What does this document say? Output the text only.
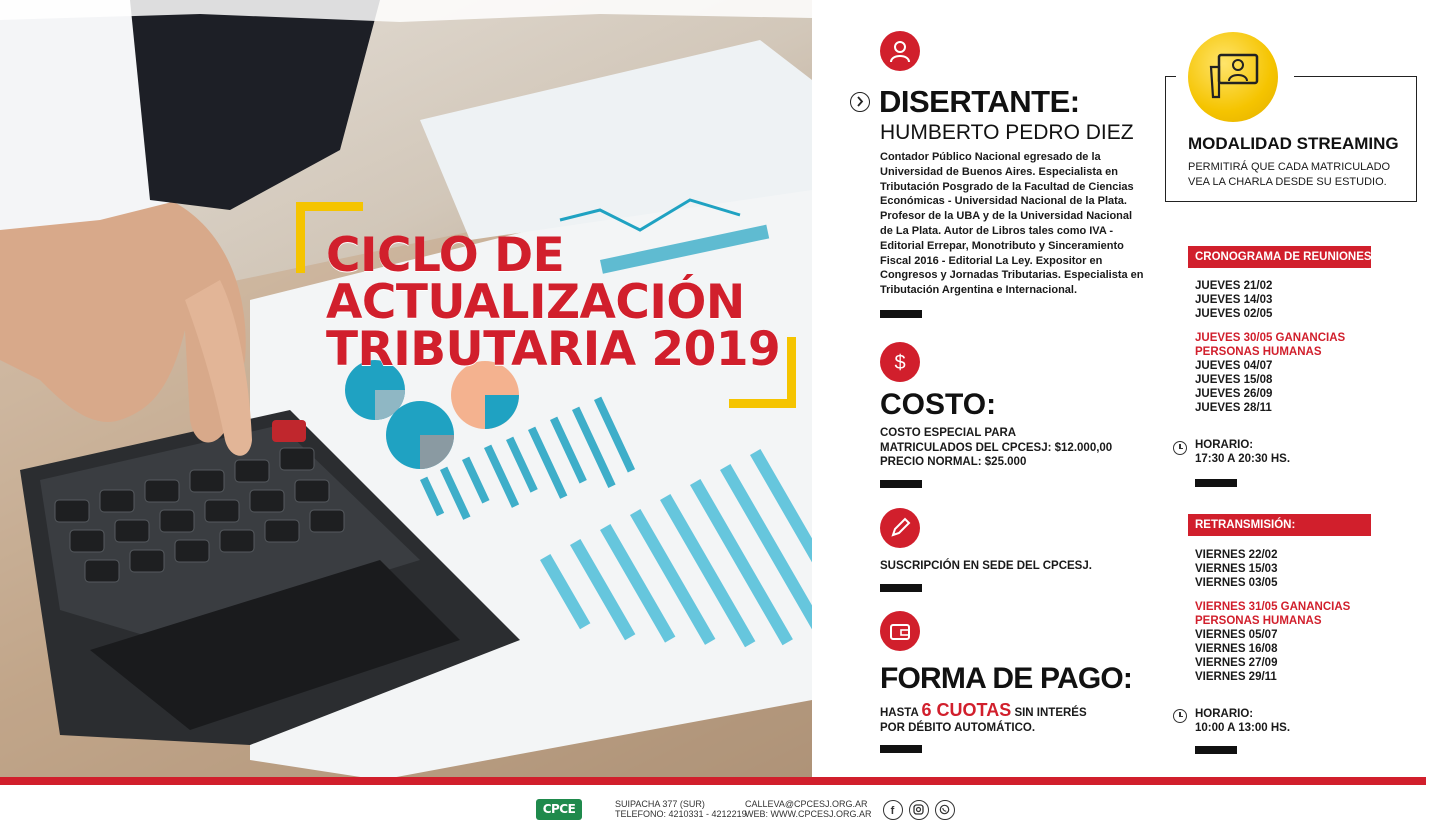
CICLO DE
ACTUALIZACIÓN
TRIBUTARIA 2019
DISERTANTE:
HUMBERTO PEDRO DIEZ
Contador Público Nacional egresado de la
Universidad de Buenos Aires. Especialista en
Tributación Posgrado de la Facultad de Ciencias
Económicas - Universidad Nacional de la Plata.
Profesor de la UBA y de la Universidad Nacional
de La Plata. Autor de Libros tales como IVA -
Editorial Errepar, Monotributo y Sinceramiento
Fiscal 2016 - Editorial La Ley. Expositor en
Congresos y Jornadas Tributarias. Especialista en
Tributación Argentina e Internacional.
$
COSTO:
COSTO ESPECIAL PARA
MATRICULADOS DEL CPCESJ: $12.000,00
PRECIO NORMAL: $25.000
SUSCRIPCIÓN EN SEDE DEL CPCESJ.
FORMA DE PAGO:
HASTA 6 CUOTAS SIN INTERÉS
POR DÉBITO AUTOMÁTICO.
MODALIDAD STREAMING
PERMITIRÁ QUE CADA MATRICULADO
VEA LA CHARLA DESDE SU ESTUDIO.
CRONOGRAMA DE REUNIONES:
JUEVES 21/02
JUEVES 14/03
JUEVES 02/05
JUEVES 30/05 GANANCIAS
PERSONAS HUMANAS
JUEVES 04/07
JUEVES 15/08
JUEVES 26/09
JUEVES 28/11
HORARIO:
17:30 A 20:30 HS.
RETRANSMISIÓN:
VIERNES 22/02
VIERNES 15/03
VIERNES 03/05
VIERNES 31/05 GANANCIAS
PERSONAS HUMANAS
VIERNES 05/07
VIERNES 16/08
VIERNES 27/09
VIERNES 29/11
HORARIO:
10:00 A 13:00 HS.
CPCE	SUIPACHA 377 (SUR)
TELEFONO: 4210331 - 4212219
CALLEVA@CPCESJ.ORG.AR
WEB: WWW.CPCESJ.ORG.AR f
